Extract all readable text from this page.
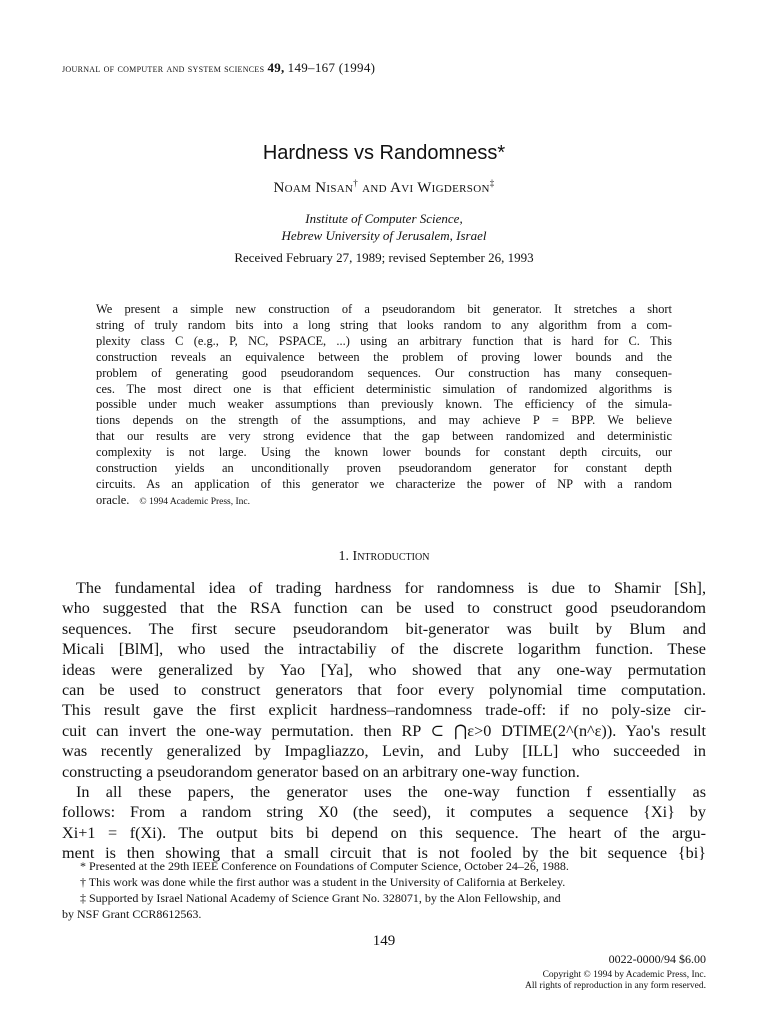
journal of computer and system sciences 49, 149–167 (1994)
Hardness vs Randomness*
Noam Nisan† and Avi Wigderson‡
Institute of Computer Science,
Hebrew University of Jerusalem, Israel
Received February 27, 1989; revised September 26, 1993
We present a simple new construction of a pseudorandom bit generator. It stretches a short
string of truly random bits into a long string that looks random to any algorithm from a com-
plexity class C (e.g., P, NC, PSPACE, ...) using an arbitrary function that is hard for C. This
construction reveals an equivalence between the problem of proving lower bounds and the
problem of generating good pseudorandom sequences. Our construction has many consequen-
ces. The most direct one is that efficient deterministic simulation of randomized algorithms is
possible under much weaker assumptions than previously known. The efficiency of the simula-
tions depends on the strength of the assumptions, and may achieve P = BPP. We believe
that our results are very strong evidence that the gap between randomized and deterministic
complexity is not large. Using the known lower bounds for constant depth circuits, our
construction yields an unconditionally proven pseudorandom generator for constant depth
circuits. As an application of this generator we characterize the power of NP with a random
oracle. © 1994 Academic Press, Inc.
1. Introduction
The fundamental idea of trading hardness for randomness is due to Shamir [Sh],
who suggested that the RSA function can be used to construct good pseudorandom
sequences. The first secure pseudorandom bit-generator was built by Blum and
Micali [BlM], who used the intractabiliy of the discrete logarithm function. These
ideas were generalized by Yao [Ya], who showed that any one-way permutation
can be used to construct generators that foor every polynomial time computation.
This result gave the first explicit hardness–randomness trade-off: if no poly-size cir-
cuit can invert the one-way permutation. then RP ⊂ ⋂ε>0 DTIME(2^(n^ε)). Yao's result
was recently generalized by Impagliazzo, Levin, and Luby [ILL] who succeeded in
constructing a pseudorandom generator based on an arbitrary one-way function.
In all these papers, the generator uses the one-way function f essentially as
follows: From a random string X0 (the seed), it computes a sequence {Xi} by
Xi+1 = f(Xi). The output bits bi depend on this sequence. The heart of the argu-
ment is then showing that a small circuit that is not fooled by the bit sequence {bi}
* Presented at the 29th IEEE Conference on Foundations of Computer Science, October 24–26, 1988.
† This work was done while the first author was a student in the University of California at Berkeley.
‡ Supported by Israel National Academy of Science Grant No. 328071, by the Alon Fellowship, and
by NSF Grant CCR8612563.
149
0022-0000/94 $6.00
Copyright © 1994 by Academic Press, Inc.
All rights of reproduction in any form reserved.
